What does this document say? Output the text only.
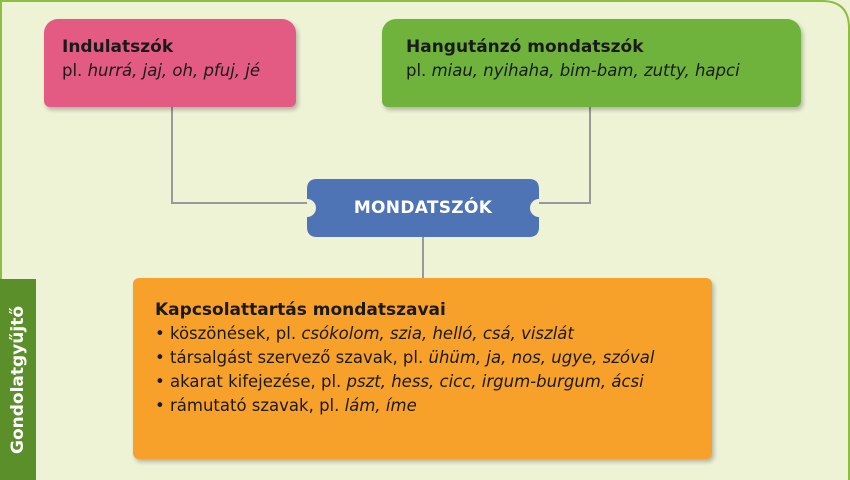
Indulatszók
pl. hurrá, jaj, oh, pfuj, jé
Hangutánzó mondatszók
pl. miau, nyihaha, bim-bam, zutty, hapci
MONDATSZÓK
Kapcsolattartás mondatszavai
• köszönések, pl. csókolom, szia, helló, csá, viszlát
• társalgást szervező szavak, pl. ühüm, ja, nos, ugye, szóval
• akarat kifejezése, pl. pszt, hess, cicc, irgum-burgum, ácsi
• rámutató szavak, pl. lám, íme
Gondolatgyűjtő
